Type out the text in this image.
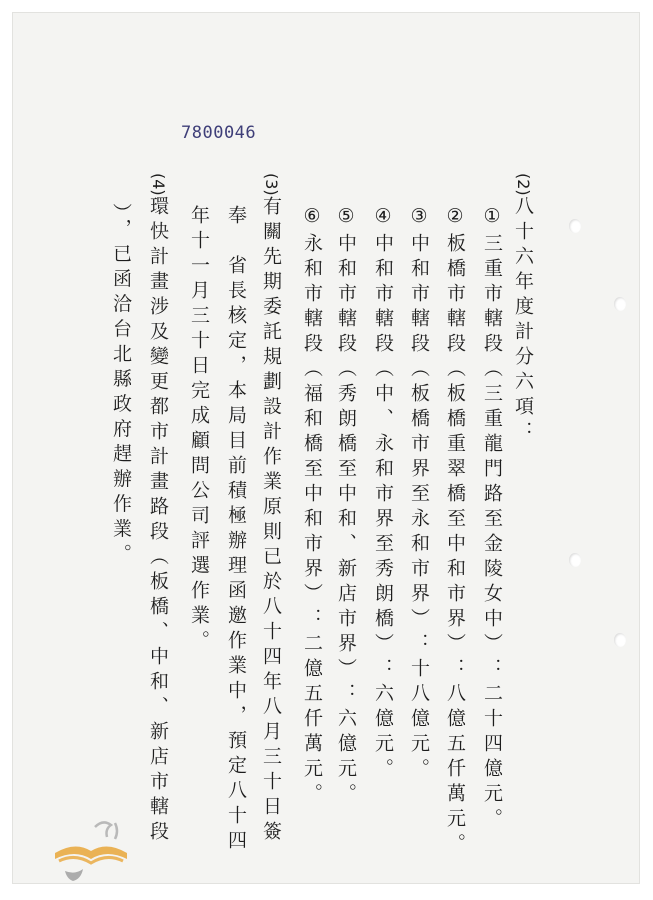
7800046
(2)八十六年度計分六項：
①三重市轄段（三重龍門路至金陵女中）：二十四億元。
②板橋市轄段（板橋重翠橋至中和市界）：八億五仟萬元。
③中和市轄段（板橋市界至永和市界）：十八億元。
④中和市轄段（中、永和市界至秀朗橋）：六億元。
⑤中和市轄段（秀朗橋至中和、新店市界）：六億元。
⑥永和市轄段（福和橋至中和市界）：二億五仟萬元。
(3)有關先期委託規劃設計作業原則已於八十四年八月三十日簽
奉　省長核定，本局目前積極辦理函邀作業中，預定八十四
年十一月三十日完成顧問公司評選作業。
(4)環快計畫涉及變更都市計畫路段（板橋、中和、新店市轄段
），已函洽台北縣政府趕辦作業。
